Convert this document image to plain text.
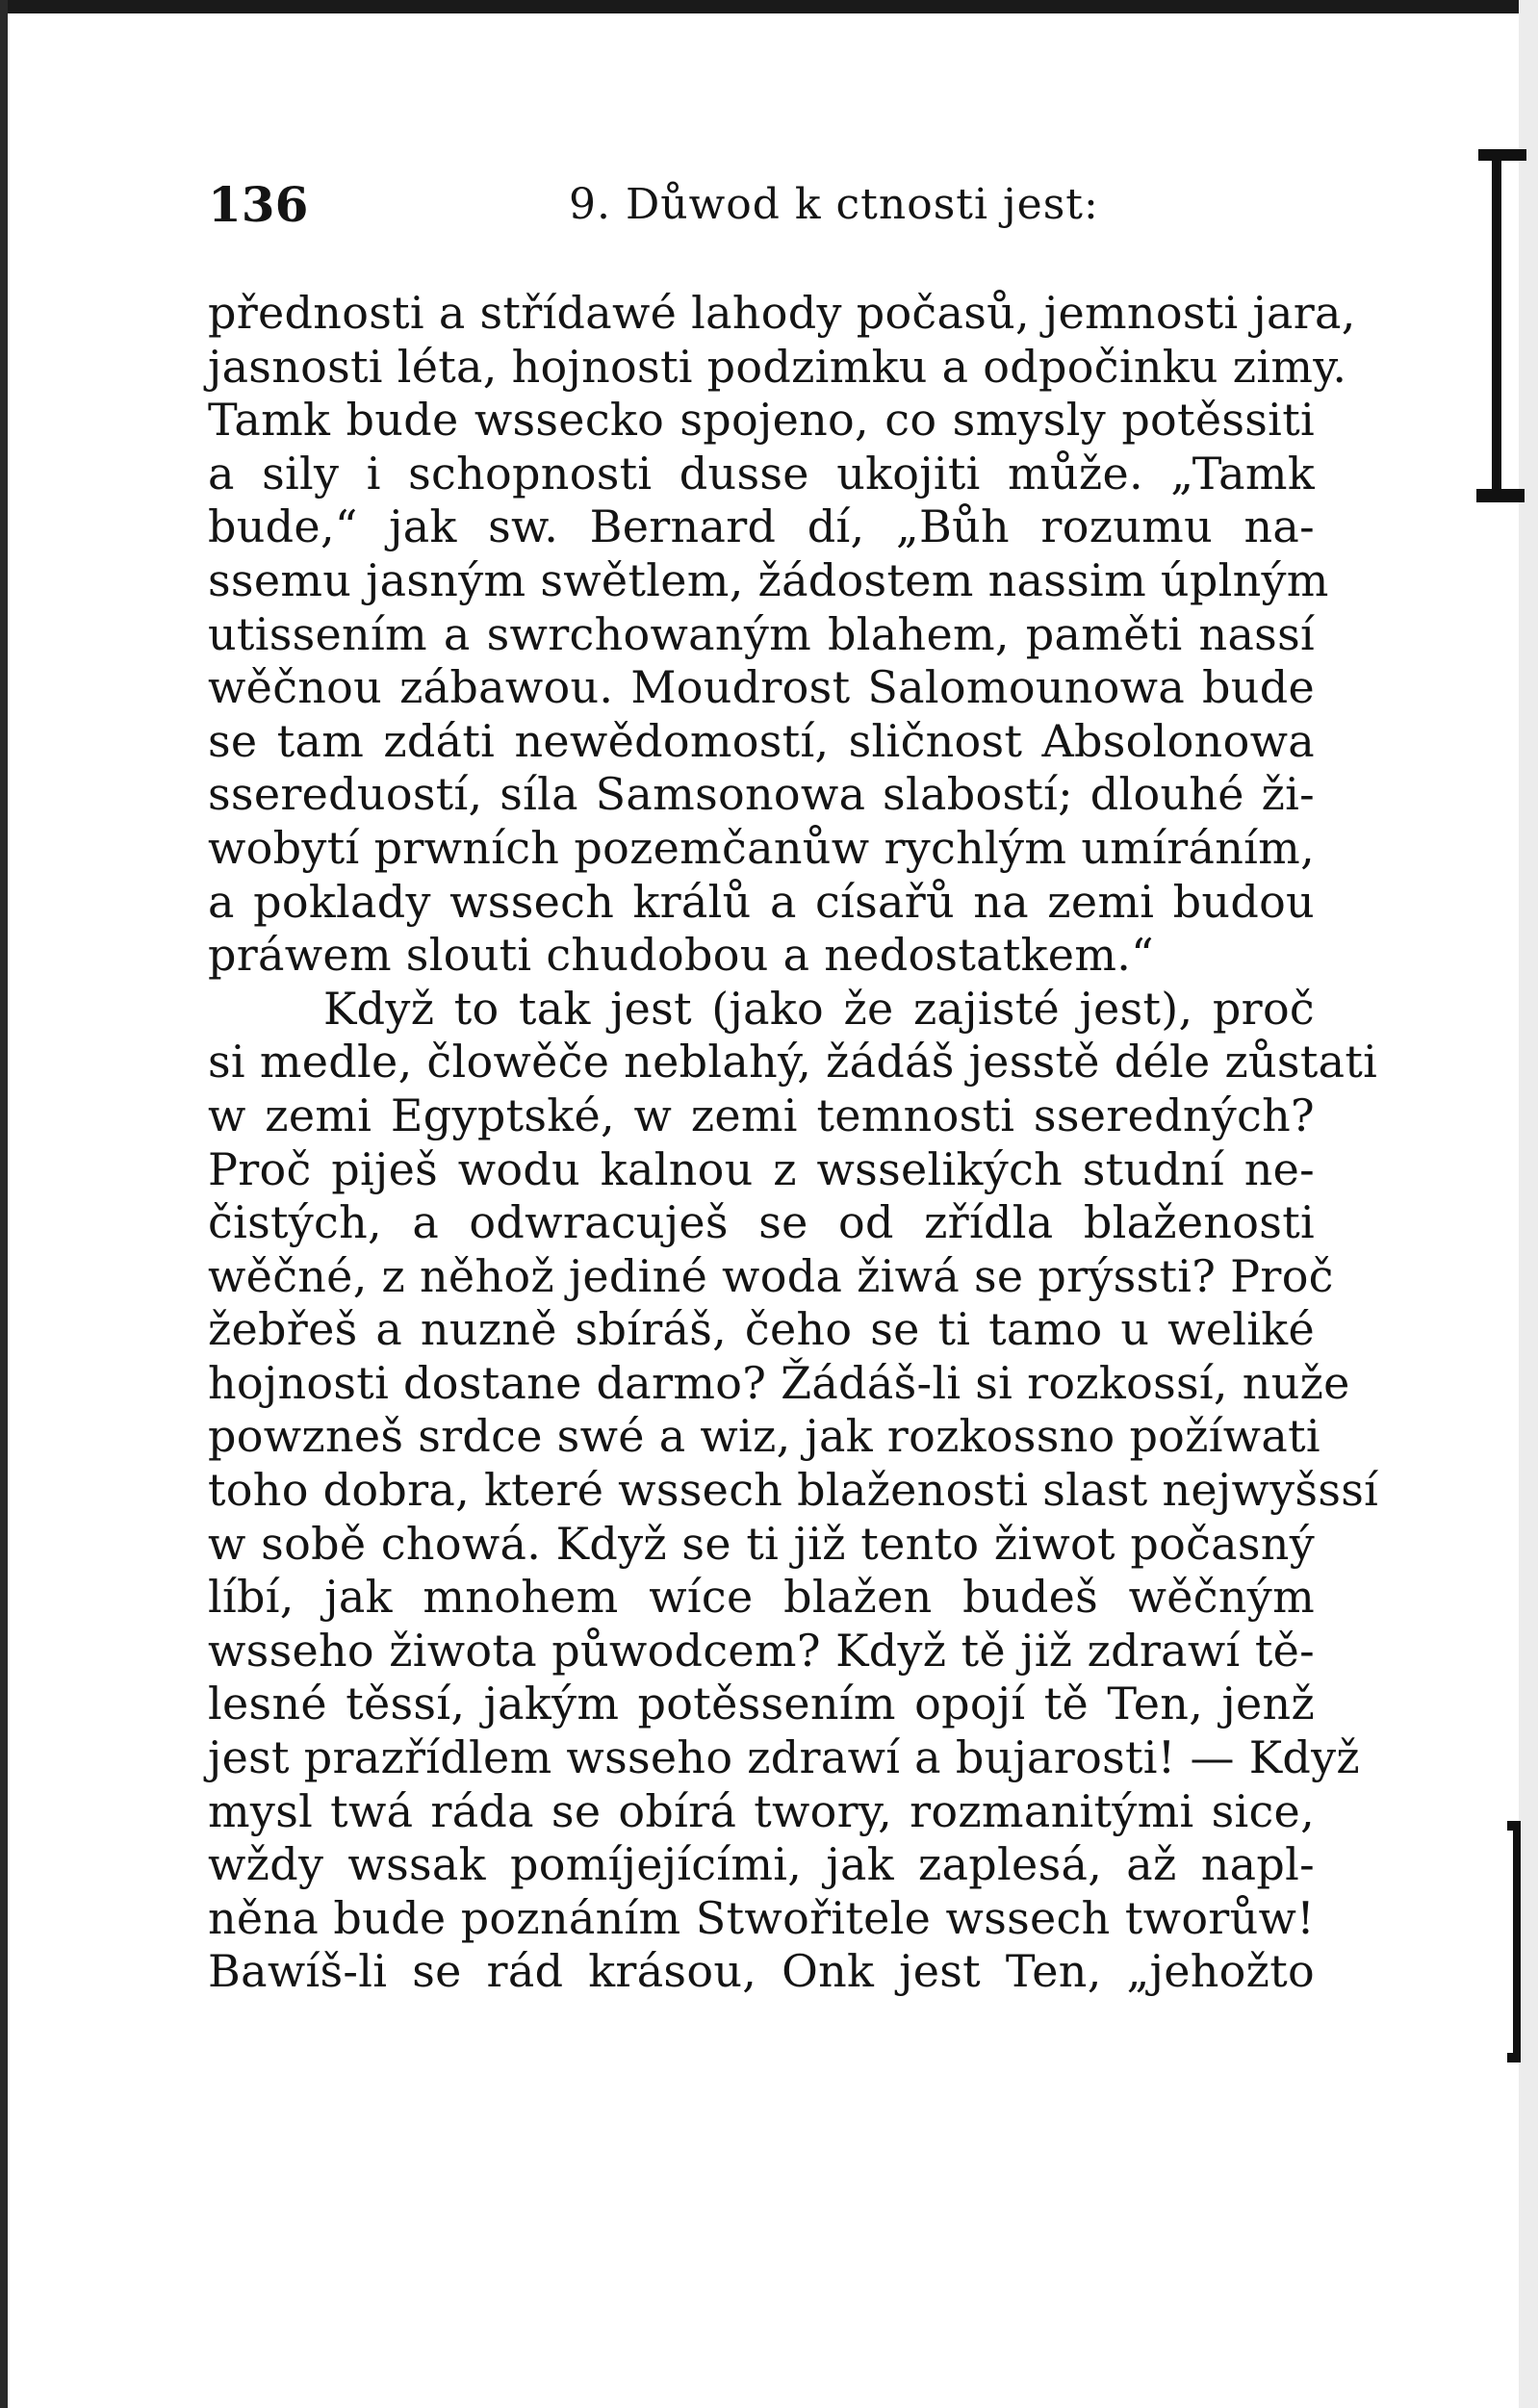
136	9. Důwod k ctnosti jest:
přednosti a střídawé lahody počasů, jemnosti jara,
jasnosti léta, hojnosti podzimku a odpočinku zimy.
Tamk bude wssecko spojeno, co smysly potěssiti
a sily i schopnosti dusse ukojiti může. „Tamk
bude,“ jak sw. Bernard dí, „Bůh rozumu na-
ssemu jasným swětlem, žádostem nassim úplným
utissením a swrchowaným blahem, paměti nassí
wěčnou zábawou. Moudrost Salomounowa bude
se tam zdáti newědomostí, sličnost Absolonowa
ssereduostí, síla Samsonowa slabostí; dlouhé ži-
wobytí prwních pozemčanůw rychlým umíráním,
a poklady wssech králů a císařů na zemi budou
práwem slouti chudobou a nedostatkem.“
Když to tak jest (jako že zajisté jest), proč
si medle, člowěče neblahý, žádáš jesstě déle zůstati
w zemi Egyptské, w zemi temnosti sseredných?
Proč piješ wodu kalnou z wsselikých studní ne-
čistých, a odwracuješ se od zřídla blaženosti
wěčné, z něhož jediné woda žiwá se prýssti? Proč
žebřeš a nuzně sbíráš, čeho se ti tamo u weliké
hojnosti dostane darmo? Žádáš-li si rozkossí, nuže
powzneš srdce swé a wiz, jak rozkossno požíwati
toho dobra, které wssech blaženosti slast nejwyšssí
w sobě chowá. Když se ti již tento žiwot počasný
líbí, jak mnohem wíce blažen budeš wěčným
wsseho žiwota půwodcem? Když tě již zdrawí tě-
lesné těssí, jakým potěssením opojí tě Ten, jenž
jest prazřídlem wsseho zdrawí a bujarosti! — Když
mysl twá ráda se obírá twory, rozmanitými sice,
wždy wssak pomíjejícími, jak zaplesá, až napl-
něna bude poznáním Stwořitele wssech tworůw!
Bawíš-li se rád krásou, Onk jest Ten, „jehožto
